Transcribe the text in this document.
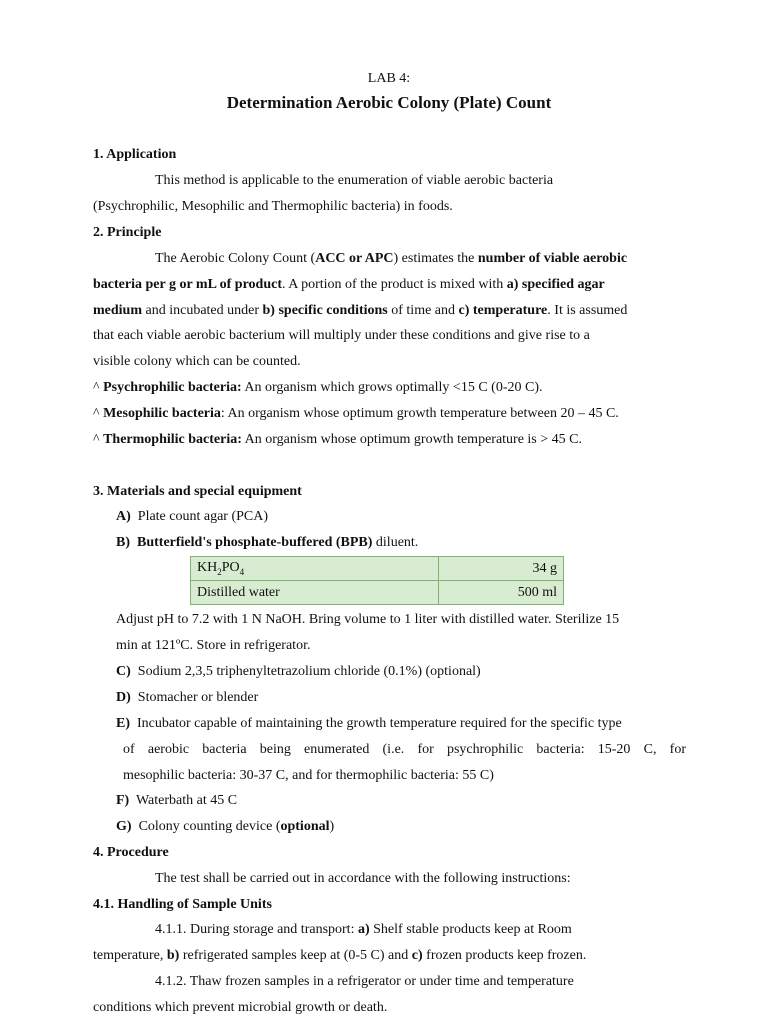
LAB 4:
Determination Aerobic Colony (Plate) Count
1. Application
This method is applicable to the enumeration of viable aerobic bacteria
(Psychrophilic, Mesophilic and Thermophilic bacteria) in foods.
2. Principle
The Aerobic Colony Count (ACC or APC) estimates the number of viable aerobic
bacteria per g or mL of product. A portion of the product is mixed with a) specified agar
medium and incubated under b) specific conditions of time and c) temperature. It is assumed
that each viable aerobic bacterium will multiply under these conditions and give rise to a
visible colony which can be counted.
^ Psychrophilic bacteria: An organism which grows optimally <15 C (0-20 C).
^ Mesophilic bacteria: An organism whose optimum growth temperature between 20 – 45 C.
^ Thermophilic bacteria: An organism whose optimum growth temperature is > 45 C.
3. Materials and special equipment
A) Plate count agar (PCA)
B) Butterfield's phosphate-buffered (BPB) diluent.
$KH_2PO_4$	34 g
Distilled water	500 ml
Adjust pH to 7.2 with 1 N NaOH. Bring volume to 1 liter with distilled water. Sterilize 15
min at 121ºC. Store in refrigerator.
C) Sodium 2,3,5 triphenyltetrazolium chloride (0.1%) (optional)
D) Stomacher or blender
E) Incubator capable of maintaining the growth temperature required for the specific type
of aerobic bacteria being enumerated (i.e. for psychrophilic bacteria: 15-20 C, for
mesophilic bacteria: 30-37 C, and for thermophilic bacteria: 55 C)
F) Waterbath at 45 C
G) Colony counting device (optional)
4. Procedure
The test shall be carried out in accordance with the following instructions:
4.1. Handling of Sample Units
4.1.1. During storage and transport: a) Shelf stable products keep at Room
temperature, b) refrigerated samples keep at (0-5 C) and c) frozen products keep frozen.
4.1.2. Thaw frozen samples in a refrigerator or under time and temperature
conditions which prevent microbial growth or death.
